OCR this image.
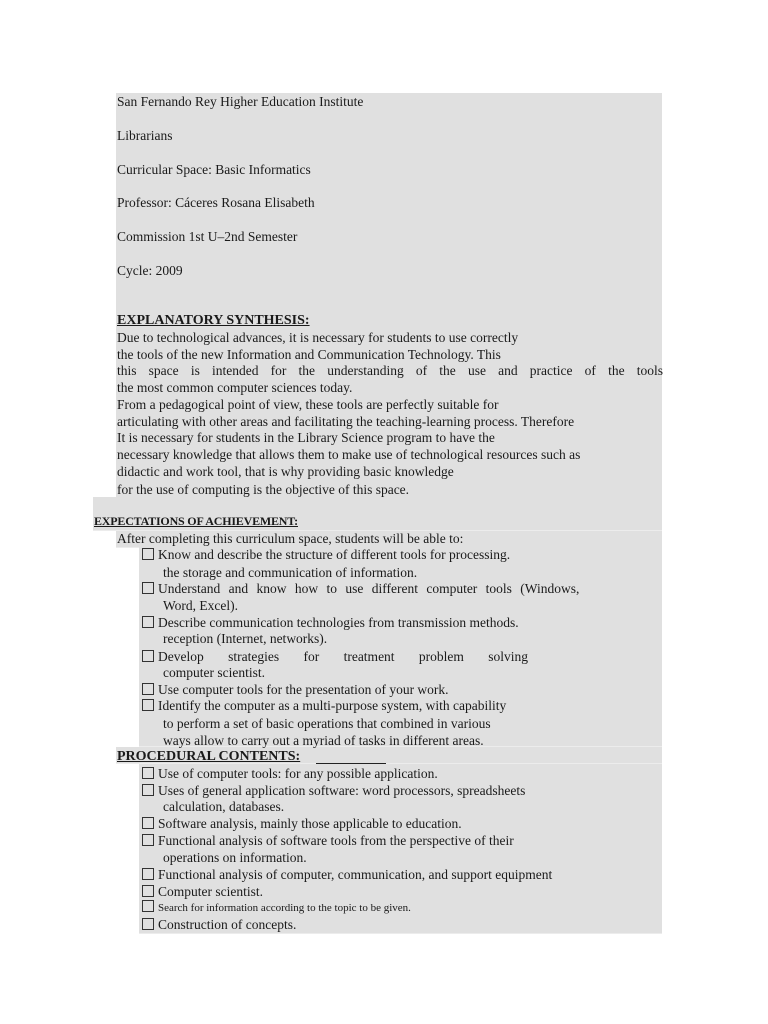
San Fernando Rey Higher Education Institute
Librarians
Curricular Space: Basic Informatics
Professor: Cáceres Rosana Elisabeth
Commission 1st U–2nd Semester
Cycle: 2009
EXPLANATORY SYNTHESIS:
Due to technological advances, it is necessary for students to use correctly
the tools of the new Information and Communication Technology. This
this space is intended for the understanding of the use and practice of the tools
the most common computer sciences today.
From a pedagogical point of view, these tools are perfectly suitable for
articulating with other areas and facilitating the teaching-learning process. Therefore
It is necessary for students in the Library Science program to have the
necessary knowledge that allows them to make use of technological resources such as
didactic and work tool, that is why providing basic knowledge
for the use of computing is the objective of this space.
EXPECTATIONS OF ACHIEVEMENT:
After completing this curriculum space, students will be able to:
Know and describe the structure of different tools for processing.
the storage and communication of information.
Understand and know how to use different computer tools (Windows,
Word, Excel).
Describe communication technologies from transmission methods.
reception (Internet, networks).
Develop strategies for treatment problem solving
computer scientist.
Use computer tools for the presentation of your work.
Identify the computer as a multi-purpose system, with capability
to perform a set of basic operations that combined in various
ways allow to carry out a myriad of tasks in different areas.
PROCEDURAL CONTENTS:
Use of computer tools: for any possible application.
Uses of general application software: word processors, spreadsheets
calculation, databases.
Software analysis, mainly those applicable to education.
Functional analysis of software tools from the perspective of their
operations on information.
Functional analysis of computer, communication, and support equipment
Computer scientist.
Search for information according to the topic to be given.
Construction of concepts.
